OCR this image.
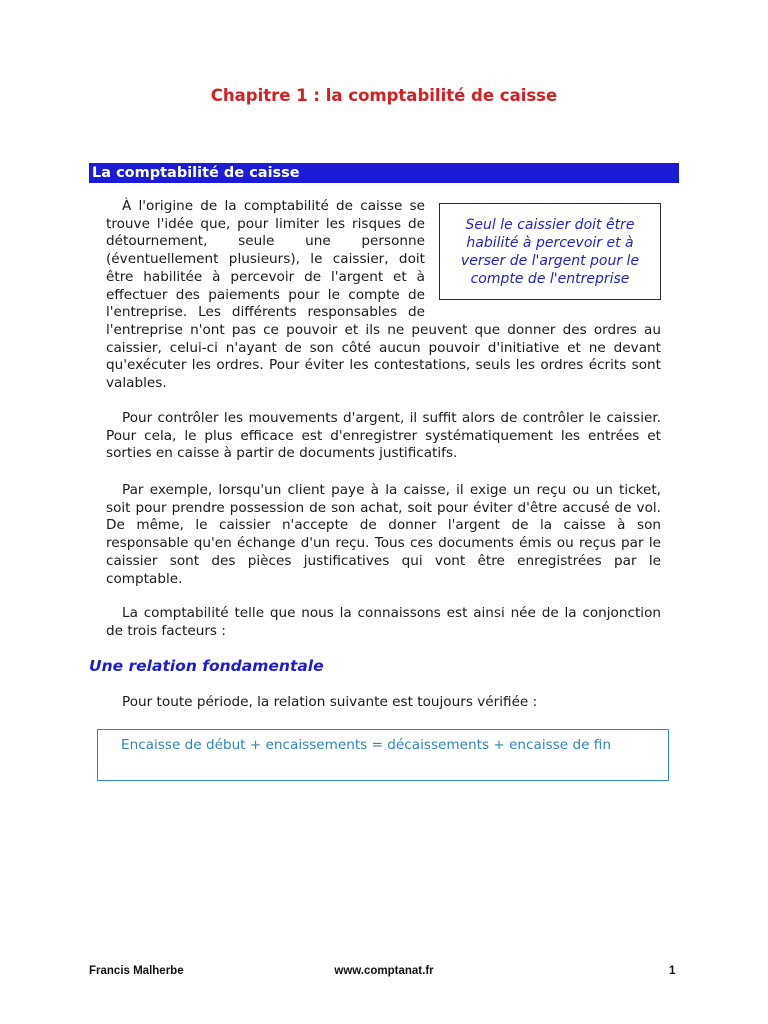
Chapitre 1 : la comptabilité de caisse
La comptabilité de caisse
Seul le caissier doit être habilité à percevoir et à verser de l'argent pour le compte de l'entreprise

À l'origine de la comptabilité de caisse se trouve l'idée que, pour limiter les risques de détournement, seule une personne (éventuellement plusieurs), le caissier, doit être habilitée à percevoir de l'argent et à effectuer des paiements pour le compte de l'entreprise. Les différents responsables de l'entreprise n'ont pas ce pouvoir et ils ne peuvent que donner des ordres au caissier, celui-ci n'ayant de son côté aucun pouvoir d'initiative et ne devant qu'exécuter les ordres. Pour éviter les contestations, seuls les ordres écrits sont valables.

Pour contrôler les mouvements d'argent, il suffit alors de contrôler le caissier. Pour cela, le plus efficace est d'enregistrer systématiquement les entrées et sorties en caisse à partir de documents justificatifs.

Par exemple, lorsqu'un client paye à la caisse, il exige un reçu ou un ticket, soit pour prendre possession de son achat, soit pour éviter d'être accusé de vol. De même, le caissier n'accepte de donner l'argent de la caisse à son responsable qu'en échange d'un reçu. Tous ces documents émis ou reçus par le caissier sont des pièces justificatives qui vont être enregistrées par le comptable.

La comptabilité telle que nous la connaissons est ainsi née de la conjonction de trois facteurs :

Une relation fondamentale

Pour toute période, la relation suivante est toujours vérifiée :

Encaisse de début + encaissements = décaissements + encaisse de fin

Francis Malherbe	www.comptanat.fr	1
